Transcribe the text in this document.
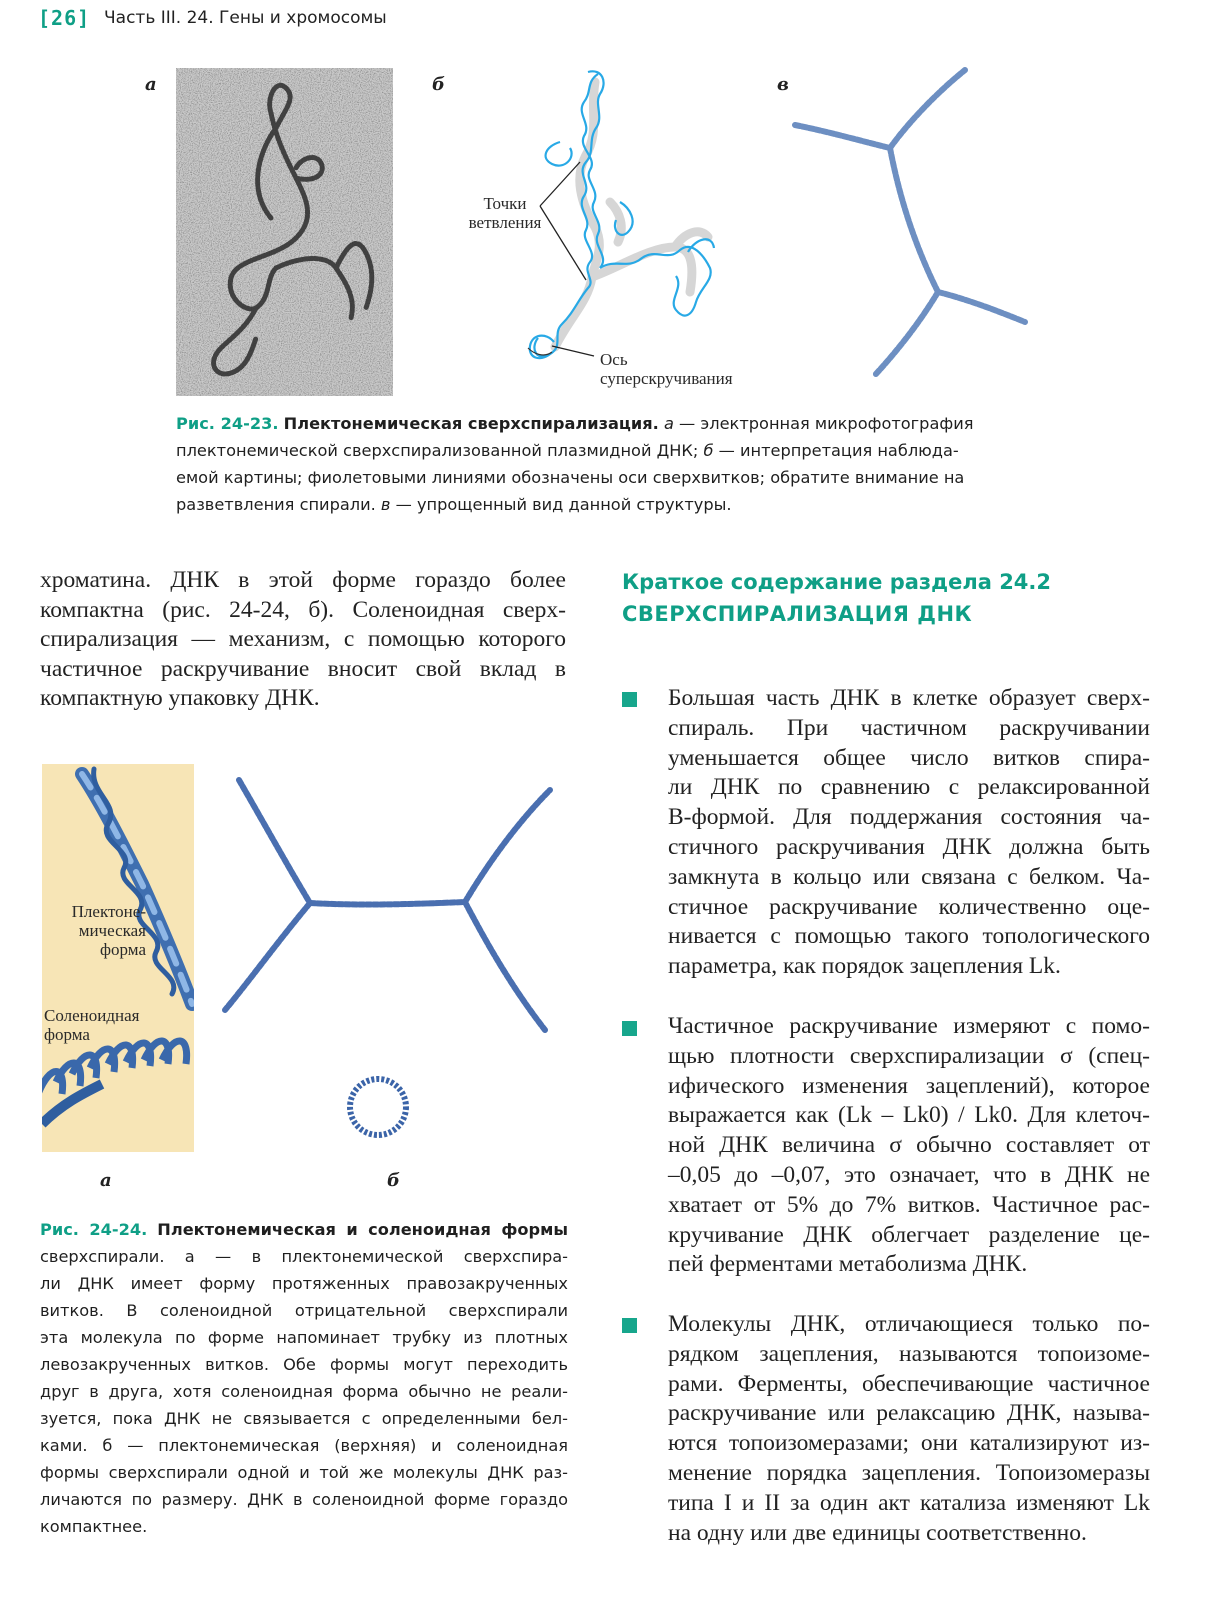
[26] Часть III. 24. Гены и хромосомы
а	б	в
Точки
ветвления
Ось
суперскручивания
Рис. 24-23. Плектонемическая сверхспирализация. а — электронная микрофотография
плектонемической сверхспирализованной плазмидной ДНК; б — интерпретация наблюда-
емой картины; фиолетовыми линиями обозначены оси сверхвитков; обратите внимание на
разветвления спирали. в — упрощенный вид данной структуры.
хроматина. ДНК в этой форме гораздо более
компактна (рис. 24-24, б). Соленоидная сверх-
спирализация — механизм, с помощью которого
частичное раскручивание вносит свой вклад в
компактную упаковку ДНК.
Краткое содержание раздела 24.2
СВЕРХСПИРАЛИЗАЦИЯ ДНК
Большая часть ДНК в клетке образует сверх-
спираль. При частичном раскручивании
уменьшается общее число витков спира-
ли ДНК по сравнению с релаксированной
B-формой. Для поддержания состояния ча-
стичного раскручивания ДНК должна быть
замкнута в кольцо или связана с белком. Ча-
стичное раскручивание количественно оце-
нивается с помощью такого топологического
параметра, как порядок зацепления Lk.
Частичное раскручивание измеряют с помо-
щью плотности сверхспирализации σ (спец-
ифического изменения зацеплений), которое
выражается как (Lk – Lk0) / Lk0. Для клеточ-
ной ДНК величина σ обычно составляет от
–0,05 до –0,07, это означает, что в ДНК не
хватает от 5% до 7% витков. Частичное рас-
кручивание ДНК облегчает разделение це-
пей ферментами метаболизма ДНК.
Молекулы ДНК, отличающиеся только по-
рядком зацепления, называются топоизоме-
рами. Ферменты, обеспечивающие частичное
раскручивание или релаксацию ДНК, называ-
ются топоизомеразами; они катализируют из-
менение порядка зацепления. Топоизомеразы
типа I и II за один акт катализа изменяют Lk
на одну или две единицы соответственно.
Плектоне-
мическая
форма
Соленоидная
форма
а	б
Рис. 24-24. Плектонемическая и соленоидная формы
сверхспирали. а — в плектонемической сверхспира-
ли ДНК имеет форму протяженных правозакрученных
витков. В соленоидной отрицательной сверхспирали
эта молекула по форме напоминает трубку из плотных
левозакрученных витков. Обе формы могут переходить
друг в друга, хотя соленоидная форма обычно не реали-
зуется, пока ДНК не связывается с определенными бел-
ками. б — плектонемическая (верхняя) и соленоидная
формы сверхспирали одной и той же молекулы ДНК раз-
личаются по размеру. ДНК в соленоидной форме гораздо
компактнее.
